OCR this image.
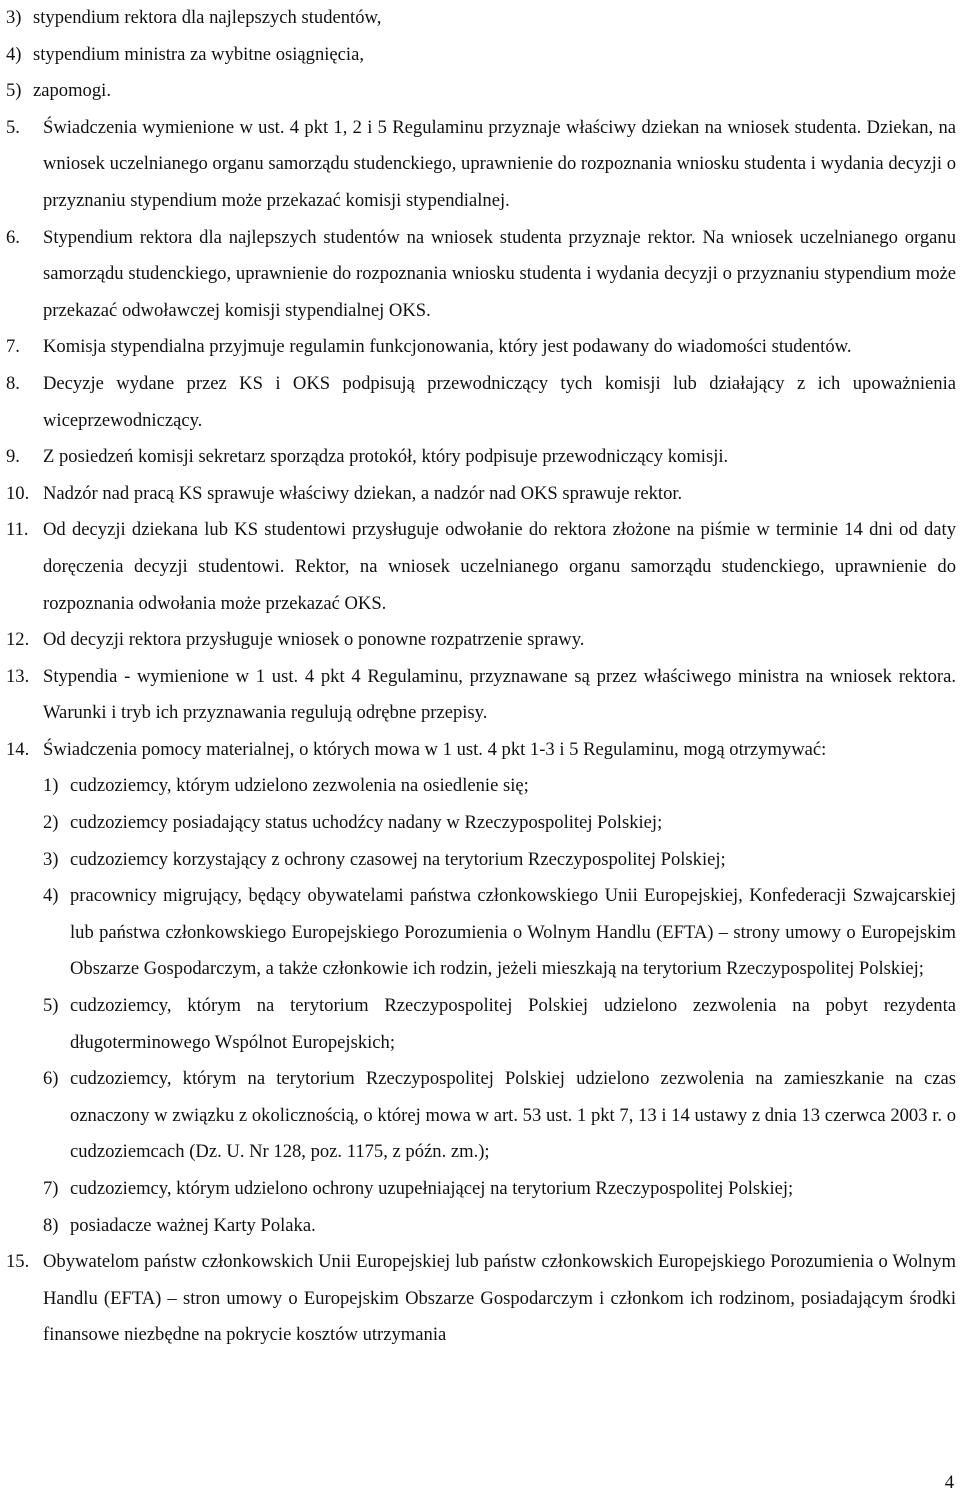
3) stypendium rektora dla najlepszych studentów,
4) stypendium ministra za wybitne osiągnięcia,
5) zapomogi.
5.	Świadczenia wymienione w ust. 4 pkt 1, 2 i 5 Regulaminu przyznaje właściwy dziekan na wniosek studenta. Dziekan, na wniosek uczelnianego organu samorządu studenckiego, uprawnienie do rozpoznania wniosku studenta i wydania decyzji o przyznaniu stypendium może przekazać komisji stypendialnej.
6.	Stypendium rektora dla najlepszych studentów na wniosek studenta przyznaje rektor. Na wniosek uczelnianego organu samorządu studenckiego, uprawnienie do rozpoznania wniosku studenta i wydania decyzji o przyznaniu stypendium może przekazać odwoławczej komisji stypendialnej OKS.
7.	Komisja stypendialna przyjmuje regulamin funkcjonowania, który jest podawany do wiadomości studentów.
8.	Decyzje wydane przez KS i OKS podpisują przewodniczący tych komisji lub działający z ich upoważnienia wiceprzewodniczący.
9.	Z posiedzeń komisji sekretarz sporządza protokół, który podpisuje przewodniczący komisji.
10. Nadzór nad pracą KS sprawuje właściwy dziekan, a nadzór nad OKS sprawuje rektor.
11. Od decyzji dziekana lub KS studentowi przysługuje odwołanie do rektora złożone na piśmie w terminie 14 dni od daty doręczenia decyzji studentowi. Rektor, na wniosek uczelnianego organu samorządu studenckiego, uprawnienie do rozpoznania odwołania może przekazać OKS.
12. Od decyzji rektora przysługuje wniosek o ponowne rozpatrzenie sprawy.
13. Stypendia - wymienione w 1 ust. 4 pkt 4 Regulaminu, przyznawane są przez właściwego ministra na wniosek rektora. Warunki i tryb ich przyznawania regulują odrębne przepisy.
14. Świadczenia pomocy materialnej, o których mowa w 1 ust. 4 pkt 1-3 i 5 Regulaminu, mogą otrzymywać:
1) cudzoziemcy, którym udzielono zezwolenia na osiedlenie się;
2) cudzoziemcy posiadający status uchodźcy nadany w Rzeczypospolitej Polskiej;
3) cudzoziemcy korzystający z ochrony czasowej na terytorium Rzeczypospolitej Polskiej;
4) pracownicy migrujący, będący obywatelami państwa członkowskiego Unii Europejskiej, Konfederacji Szwajcarskiej lub państwa członkowskiego Europejskiego Porozumienia o Wolnym Handlu (EFTA) – strony umowy o Europejskim Obszarze Gospodarczym, a także członkowie ich rodzin, jeżeli mieszkają na terytorium Rzeczypospolitej Polskiej;
5) cudzoziemcy, którym na terytorium Rzeczypospolitej Polskiej udzielono zezwolenia na pobyt rezydenta długoterminowego Wspólnot Europejskich;
6) cudzoziemcy, którym na terytorium Rzeczypospolitej Polskiej udzielono zezwolenia na zamieszkanie na czas oznaczony w związku z okolicznością, o której mowa w art. 53 ust. 1 pkt 7, 13 i 14 ustawy z dnia 13 czerwca 2003 r. o cudzoziemcach (Dz. U. Nr 128, poz. 1175, z późn. zm.);
7) cudzoziemcy, którym udzielono ochrony uzupełniającej na terytorium Rzeczypospolitej Polskiej;
8) posiadacze ważnej Karty Polaka.
15. Obywatelom państw członkowskich Unii Europejskiej lub państw członkowskich Europejskiego Porozumienia o Wolnym Handlu (EFTA) – stron umowy o Europejskim Obszarze Gospodarczym i członkom ich rodzinom, posiadającym środki finansowe niezbędne na pokrycie kosztów utrzymania
4
